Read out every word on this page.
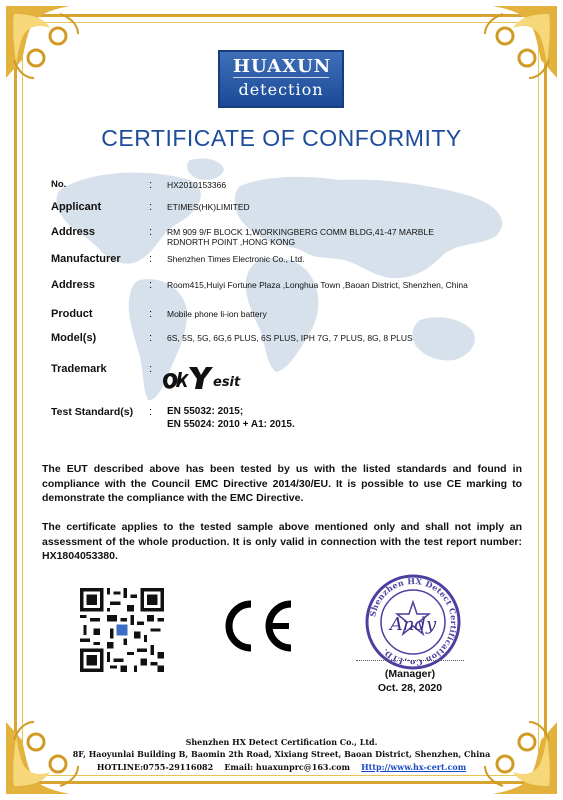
HUAXUN
detection
CERTIFICATE OF CONFORMITY
No.	: HX2010153366
Applicant	: ETIMES(HK)LIMITED
Address	: RM 909 9/F BLOCK 1,WORKINGBERG COMM BLDG,41-47 MARBLE
RDNORTH POINT ,HONG KONG
Manufacturer	: Shenzhen Times Electronic Co., Ltd.
Address	: Room415,Huiyi Fortune Plaza ,Longhua Town ,Baoan District, Shenzhen, China
Product	: Mobile phone li-ion battery
Model(s)	: 6S, 5S, 5G, 6G,6 PLUS, 6S PLUS, IPH 7G, 7 PLUS, 8G, 8 PLUS
Trademark	:
esit
Test Standard(s) : EN 55032: 2015;
EN 55024: 2010 + A1: 2015.
The EUT described above has been tested by us with the listed standards and found in compliance with the Council EMC Directive 2014/30/EU. It is possible to use CE marking to demonstrate the compliance with the EMC Directive.
The certificate applies to the tested sample above mentioned only and shall not imply an assessment of the whole production. It is only valid in connection with the test report number: HX1804053380.
CE
Shenzhen HX Detect Certification Co.,LTD.
Andy
(Manager)
Oct. 28, 2020
Shenzhen HX Detect Certification Co., Ltd.
8F, Haoyunlai Building B, Baomin 2th Road, Xixiang Street, Baoan District, Shenzhen, China
HOTLINE:0755-29116082 Email: huaxunprc@163.com Http://www.hx-cert.com
